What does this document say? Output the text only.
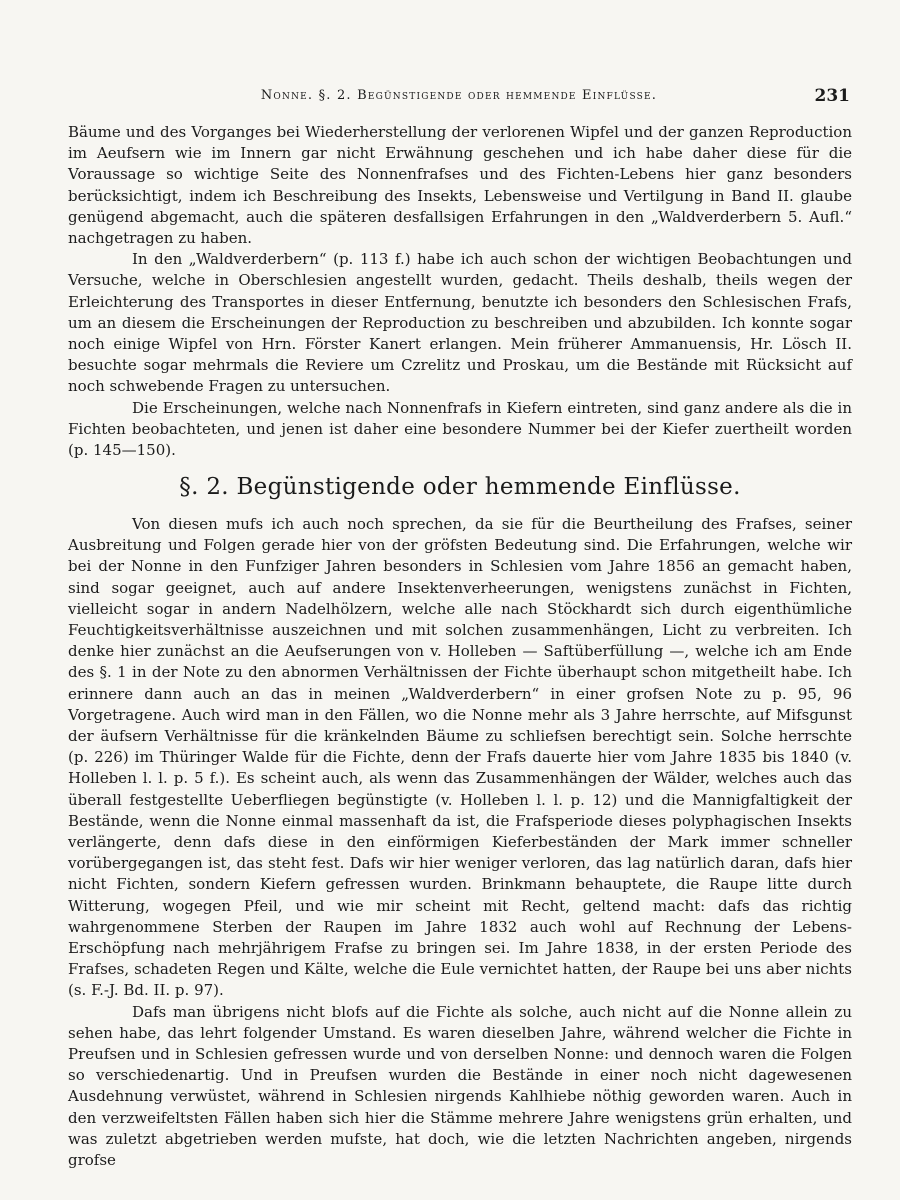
Nonne. §. 2. Begünstigende oder hemmende Einflüsse.	231

Bäume und des Vorganges bei Wiederherstellung der verlorenen Wipfel und der ganzen Reproduction im Aeufsern wie im Innern gar nicht Erwähnung geschehen und ich habe daher diese für die Voraussage so wichtige Seite des Nonnenfrafses und des Fichten-Lebens hier ganz besonders berücksichtigt, indem ich Beschreibung des Insekts, Lebensweise und Vertilgung in Band II. glaube genügend abgemacht, auch die späteren desfallsigen Erfahrungen in den „Waldverderbern 5. Aufl.“ nachgetragen zu haben.

In den „Waldverderbern“ (p. 113 f.) habe ich auch schon der wichtigen Beobachtungen und Versuche, welche in Oberschlesien angestellt wurden, gedacht. Theils deshalb, theils wegen der Erleichterung des Transportes in dieser Entfernung, benutzte ich besonders den Schlesischen Frafs, um an diesem die Erscheinungen der Reproduction zu beschreiben und abzubilden. Ich konnte sogar noch einige Wipfel von Hrn. Förster Kanert erlangen. Mein früherer Ammanuensis, Hr. Lösch II. besuchte sogar mehrmals die Reviere um Czrelitz und Proskau, um die Bestände mit Rücksicht auf noch schwebende Fragen zu untersuchen.

Die Erscheinungen, welche nach Nonnenfrafs in Kiefern eintreten, sind ganz andere als die in Fichten beobachteten, und jenen ist daher eine besondere Nummer bei der Kiefer zuertheilt worden (p. 145—150).

§. 2. Begünstigende oder hemmende Einflüsse.

Von diesen mufs ich auch noch sprechen, da sie für die Beurtheilung des Frafses, seiner Ausbreitung und Folgen gerade hier von der gröfsten Bedeutung sind. Die Erfahrungen, welche wir bei der Nonne in den Funfziger Jahren besonders in Schlesien vom Jahre 1856 an gemacht haben, sind sogar geeignet, auch auf andere Insektenverheerungen, wenigstens zunächst in Fichten, vielleicht sogar in andern Nadelhölzern, welche alle nach Stöckhardt sich durch eigenthümliche Feuchtigkeitsverhältnisse auszeichnen und mit solchen zusammenhängen, Licht zu verbreiten. Ich denke hier zunächst an die Aeufserungen von v. Holleben — Saftüberfüllung —, welche ich am Ende des §. 1 in der Note zu den abnormen Verhältnissen der Fichte überhaupt schon mitgetheilt habe. Ich erinnere dann auch an das in meinen „Waldverderbern“ in einer grofsen Note zu p. 95, 96 Vorgetragene. Auch wird man in den Fällen, wo die Nonne mehr als 3 Jahre herrschte, auf Mifsgunst der äufsern Verhältnisse für die kränkelnden Bäume zu schliefsen berechtigt sein. Solche herrschte (p. 226) im Thüringer Walde für die Fichte, denn der Frafs dauerte hier vom Jahre 1835 bis 1840 (v. Holleben l. l. p. 5 f.). Es scheint auch, als wenn das Zusammenhängen der Wälder, welches auch das überall festgestellte Ueberfliegen begünstigte (v. Holleben l. l. p. 12) und die Mannigfaltigkeit der Bestände, wenn die Nonne einmal massenhaft da ist, die Frafsperiode dieses polyphagischen Insekts verlängerte, denn dafs diese in den einförmigen Kieferbeständen der Mark immer schneller vorübergegangen ist, das steht fest. Dafs wir hier weniger verloren, das lag natürlich daran, dafs hier nicht Fichten, sondern Kiefern gefressen wurden. Brinkmann behauptete, die Raupe litte durch Witterung, wogegen Pfeil, und wie mir scheint mit Recht, geltend macht: dafs das richtig wahrgenommene Sterben der Raupen im Jahre 1832 auch wohl auf Rechnung der Lebens-Erschöpfung nach mehrjährigem Frafse zu bringen sei. Im Jahre 1838, in der ersten Periode des Frafses, schadeten Regen und Kälte, welche die Eule vernichtet hatten, der Raupe bei uns aber nichts (s. F.-J. Bd. II. p. 97).

Dafs man übrigens nicht blofs auf die Fichte als solche, auch nicht auf die Nonne allein zu sehen habe, das lehrt folgender Umstand. Es waren dieselben Jahre, während welcher die Fichte in Preufsen und in Schlesien gefressen wurde und von derselben Nonne: und dennoch waren die Folgen so verschiedenartig. Und in Preufsen wurden die Bestände in einer noch nicht dagewesenen Ausdehnung verwüstet, während in Schlesien nirgends Kahlhiebe nöthig geworden waren. Auch in den verzweifeltsten Fällen haben sich hier die Stämme mehrere Jahre wenigstens grün erhalten, und was zuletzt abgetrieben werden mufste, hat doch, wie die letzten Nachrichten angeben, nirgends grofse
